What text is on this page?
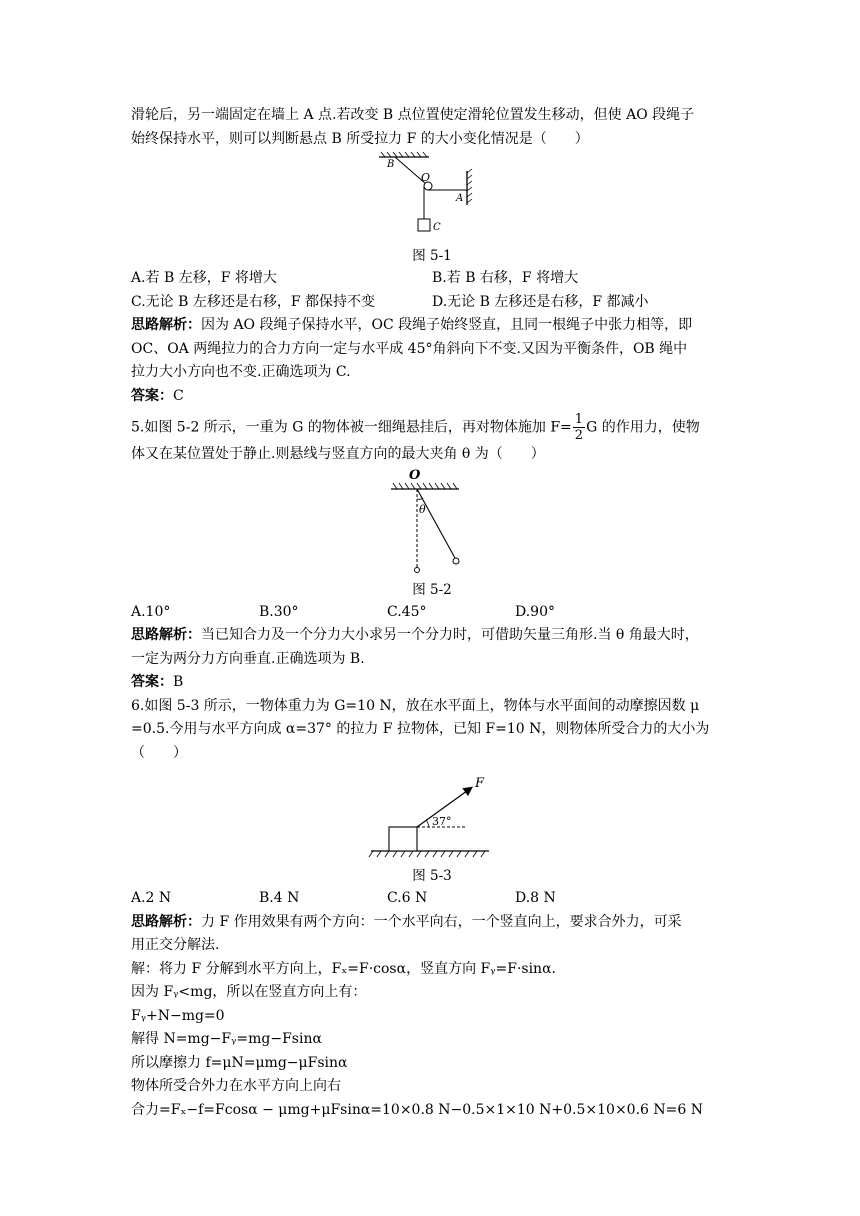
滑轮后，另一端固定在墙上 A 点.若改变 B 点位置使定滑轮位置发生移动，但使 AO 段绳子

始终保持水平，则可以判断悬点 B 所受拉力 F 的大小变化情况是（　　）

B
O
A
C
图 5-1
A.若 B 左移，F 将增大	B.若 B 右移，F 将增大
C.无论 B 左移还是右移，F 都保持不变	D.无论 B 左移还是右移，F 都减小

思路解析：因为 AO 段绳子保持水平，OC 段绳子始终竖直，且同一根绳子中张力相等，即

OC、OA 两绳拉力的合力方向一定与水平成 45°角斜向下不变.又因为平衡条件，OB 绳中

拉力大小方向也不变.正确选项为 C.

答案：C

5.如图 5-2 所示，一重为 G 的物体被一细绳悬挂后，再对物体施加 $F= \frac{1}{2}$ G 的作用力，使物

体又在某位置处于静止.则悬线与竖直方向的最大夹角 θ 为（　　）

O
θ
图 5-2
A.10°	B.30°	C.45°	D.90°

思路解析：当已知合力及一个分力大小求另一个分力时，可借助矢量三角形.当 θ 角最大时，

一定为两分力方向垂直.正确选项为 B.

答案：B

6.如图 5-3 所示，一物体重力为 G=10 N，放在水平面上，物体与水平面间的动摩擦因数 μ

=0.5.今用与水平方向成 α=37° 的拉力 F 拉物体，已知 F=10 N，则物体所受合力的大小为

（　　）

F
37°
图 5-3
A.2 N	B.4 N	C.6 N	D.8 N

思路解析：力 F 作用效果有两个方向：一个水平向右，一个竖直向上，要求合外力，可采

用正交分解法.

解：将力 F 分解到水平方向上，Fₓ=F·cosα，竖直方向 Fᵧ=F·sinα.

因为 Fᵧ<mg，所以在竖直方向上有：

Fᵧ+N−mg=0

解得 N=mg−Fᵧ=mg−Fsinα

所以摩擦力 f=μN=μmg−μFsinα

物体所受合外力在水平方向上向右

合力=Fₓ−f=Fcosα − μmg+μFsinα=10×0.8 N−0.5×1×10 N+0.5×10×0.6 N=6 N
